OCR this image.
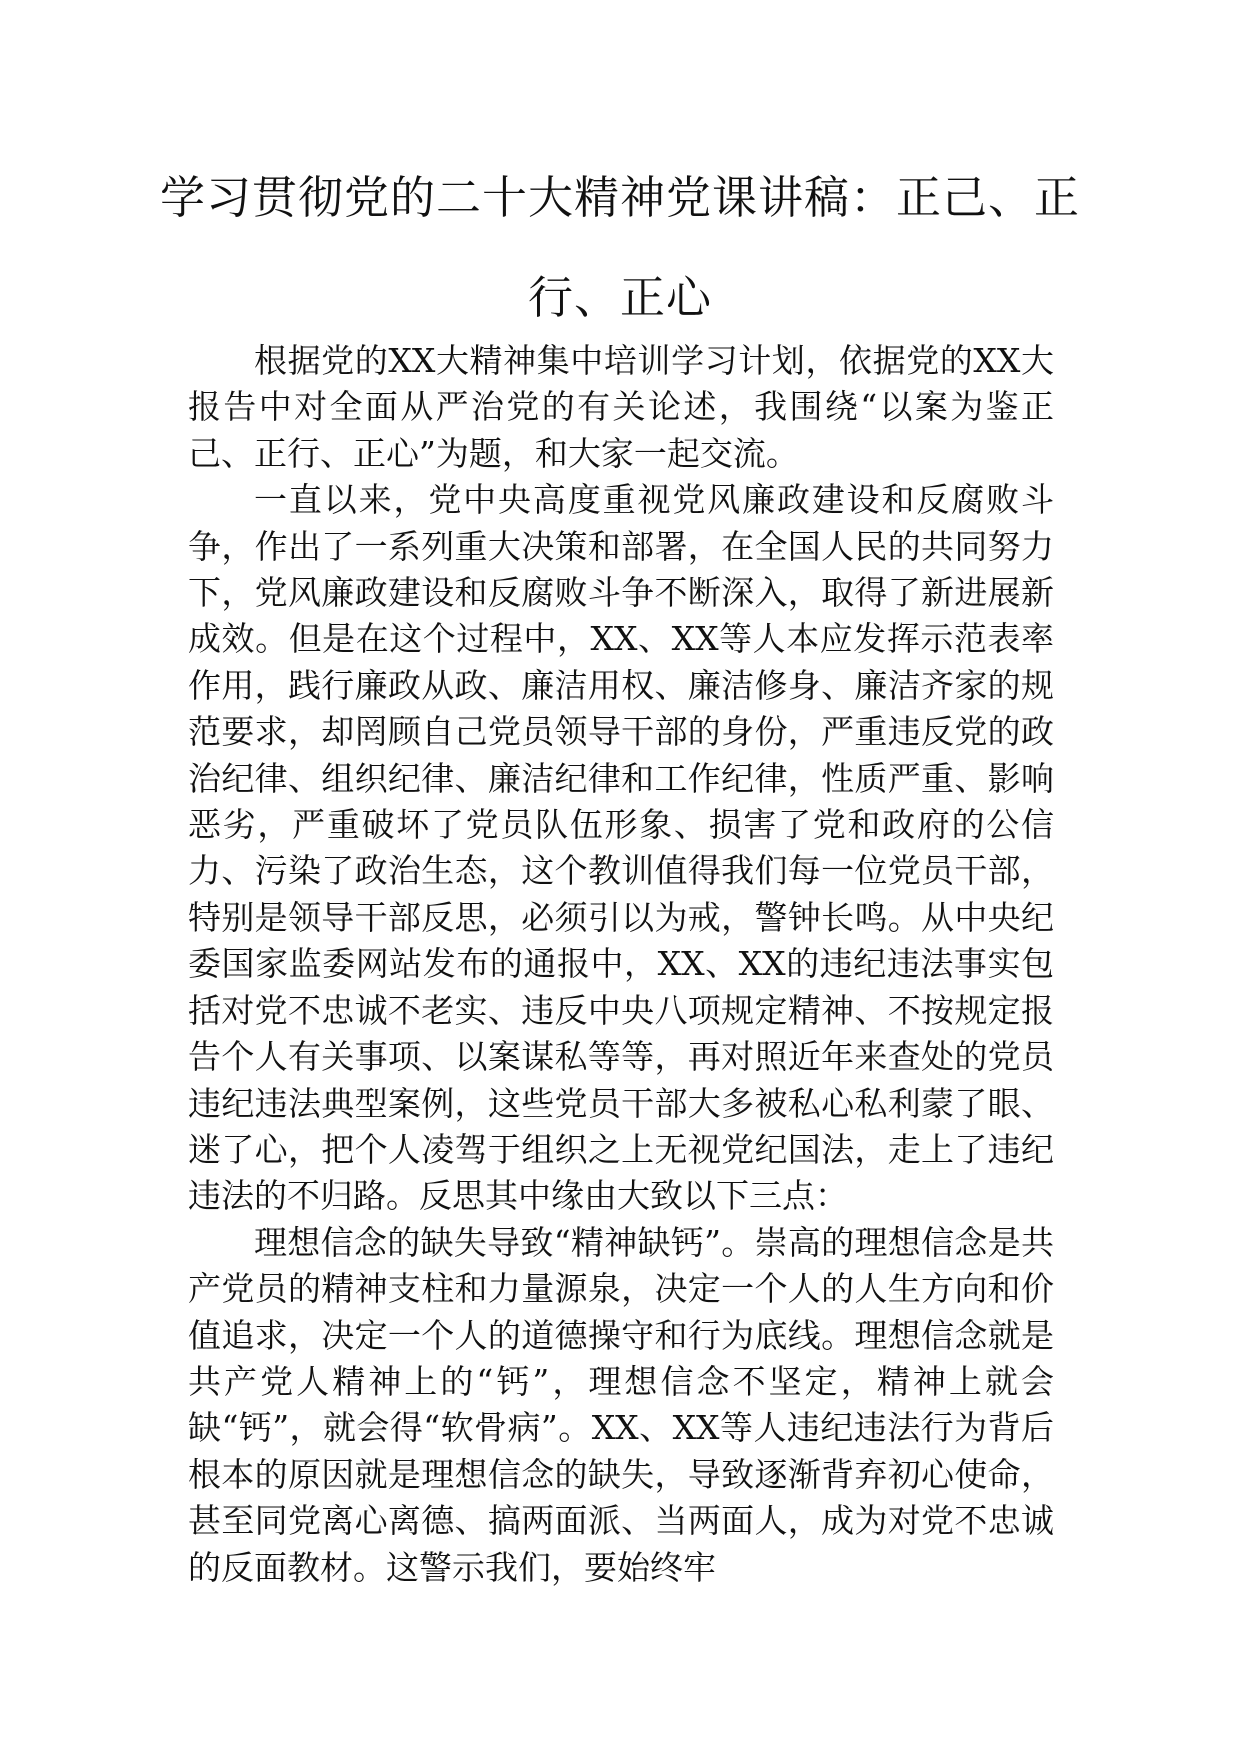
学习贯彻党的二十大精神党课讲稿：正己、正行、正心

根据党的XX大精神集中培训学习计划，依据党的XX大报告中对全面从严治党的有关论述，我围绕“以案为鉴正己、正行、正心”为题，和大家一起交流。

一直以来，党中央高度重视党风廉政建设和反腐败斗争，作出了一系列重大决策和部署，在全国人民的共同努力下，党风廉政建设和反腐败斗争不断深入，取得了新进展新成效。但是在这个过程中，XX、XX等人本应发挥示范表率作用，践行廉政从政、廉洁用权、廉洁修身、廉洁齐家的规范要求，却罔顾自己党员领导干部的身份，严重违反党的政治纪律、组织纪律、廉洁纪律和工作纪律，性质严重、影响恶劣，严重破坏了党员队伍形象、损害了党和政府的公信力、污染了政治生态，这个教训值得我们每一位党员干部，特别是领导干部反思，必须引以为戒，警钟长鸣。从中央纪委国家监委网站发布的通报中，XX、XX的违纪违法事实包括对党不忠诚不老实、违反中央八项规定精神、不按规定报告个人有关事项、以案谋私等等，再对照近年来查处的党员违纪违法典型案例，这些党员干部大多被私心私利蒙了眼、迷了心，把个人凌驾于组织之上无视党纪国法，走上了违纪违法的不归路。反思其中缘由大致以下三点：

理想信念的缺失导致“精神缺钙”。崇高的理想信念是共产党员的精神支柱和力量源泉，决定一个人的人生方向和价值追求，决定一个人的道德操守和行为底线。理想信念就是共产党人精神上的“钙”，理想信念不坚定，精神上就会缺“钙”，就会得“软骨病”。XX、XX等人违纪违法行为背后根本的原因就是理想信念的缺失，导致逐渐背弃初心使命，甚至同党离心离德、搞两面派、当两面人，成为对党不忠诚的反面教材。这警示我们，要始终牢
